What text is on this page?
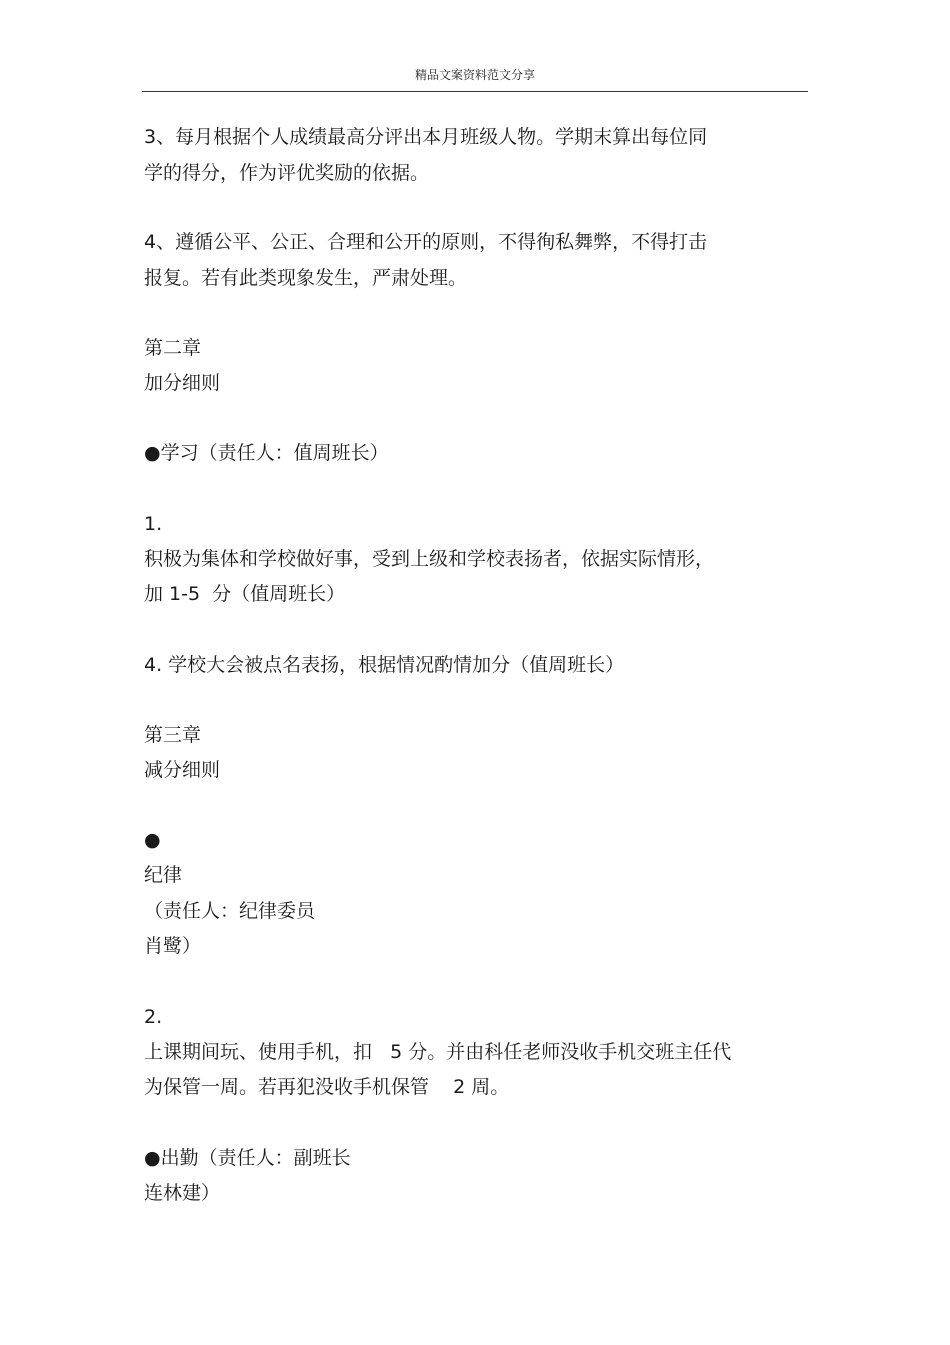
精品文案资料范文分享
3、每月根据个人成绩最高分评出本月班级人物。学期末算出每位同
学的得分，作为评优奖励的依据。
4、遵循公平、公正、合理和公开的原则，不得徇私舞弊，不得打击
报复。若有此类现象发生，严肃处理。
第二章
加分细则
●学习（责任人：值周班长）
1.
积极为集体和学校做好事，受到上级和学校表扬者，依据实际情形，
加 1-5  分（值周班长）
4. 学校大会被点名表扬，根据情况酌情加分（值周班长）
第三章
减分细则
●
纪律
（责任人：纪律委员
肖鹭）
2.
上课期间玩、使用手机，扣   5 分。并由科任老师没收手机交班主任代
为保管一周。若再犯没收手机保管    2 周。
●出勤（责任人：副班长
连林建）
